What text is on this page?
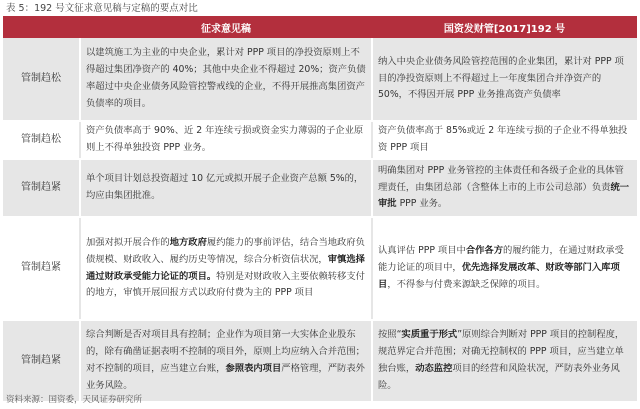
表 5：192 号文征求意见稿与定稿的要点对比
	征求意见稿	国资发财管[2017]192 号
管制趋松	以建筑施工为主业的中央企业，累计对 PPP 项目的净投资原则上不得超过集团净资产的 40%；其他中央企业不得超过 20%；资产负债率超过中央企业债务风险管控警戒线的企业，不得开展推高集团资产负债率的项目。	纳入中央企业债务风险管控范围的企业集团，累计对 PPP 项目的净投资原则上不得超过上一年度集团合并净资产的 50%，不得因开展 PPP 业务推高资产负债率
管制趋松	资产负债率高于 90%、近 2 年连续亏损或资金实力薄弱的子企业原则上不得单独投资 PPP 业务。	资产负债率高于 85%或近 2 年连续亏损的子企业不得单独投资 PPP 项目
管制趋紧	单个项目计划总投资超过 10 亿元或拟开展子企业资产总额 5%的，均应由集团批准。	明确集团对 PPP 业务管控的主体责任和各级子企业的具体管理责任，由集团总部（含整体上市的上市公司总部）负责统一审批 PPP 业务。
管制趋紧	加强对拟开展合作的地方政府履约能力的事前评估，结合当地政府负债规模、财政收入、履约历史等情况，综合分析资信状况，审慎选择通过财政承受能力论证的项目。特别是对财政收入主要依赖转移支付的地方，审慎开展回报方式以政府付费为主的 PPP 项目	认真评估 PPP 项目中合作各方的履约能力，在通过财政承受能力论证的项目中，优先选择发展改革、财政等部门入库项目，不得参与付费来源缺乏保障的项目。
管制趋紧	综合判断是否对项目具有控制；企业作为项目第一大实体企业股东的，除有确凿证据表明不控制的项目外，原则上均应纳入合并范围；对不控制的项目，应当建立台账，参照表内项目严格管理，严防表外业务风险。	按照“实质重于形式”原则综合判断对 PPP 项目的控制程度，规范界定合并范围；对确无控制权的 PPP 项目，应当建立单独台账，动态监控项目的经营和风险状况，严防表外业务风险。
资料来源：国资委，天风证券研究所
